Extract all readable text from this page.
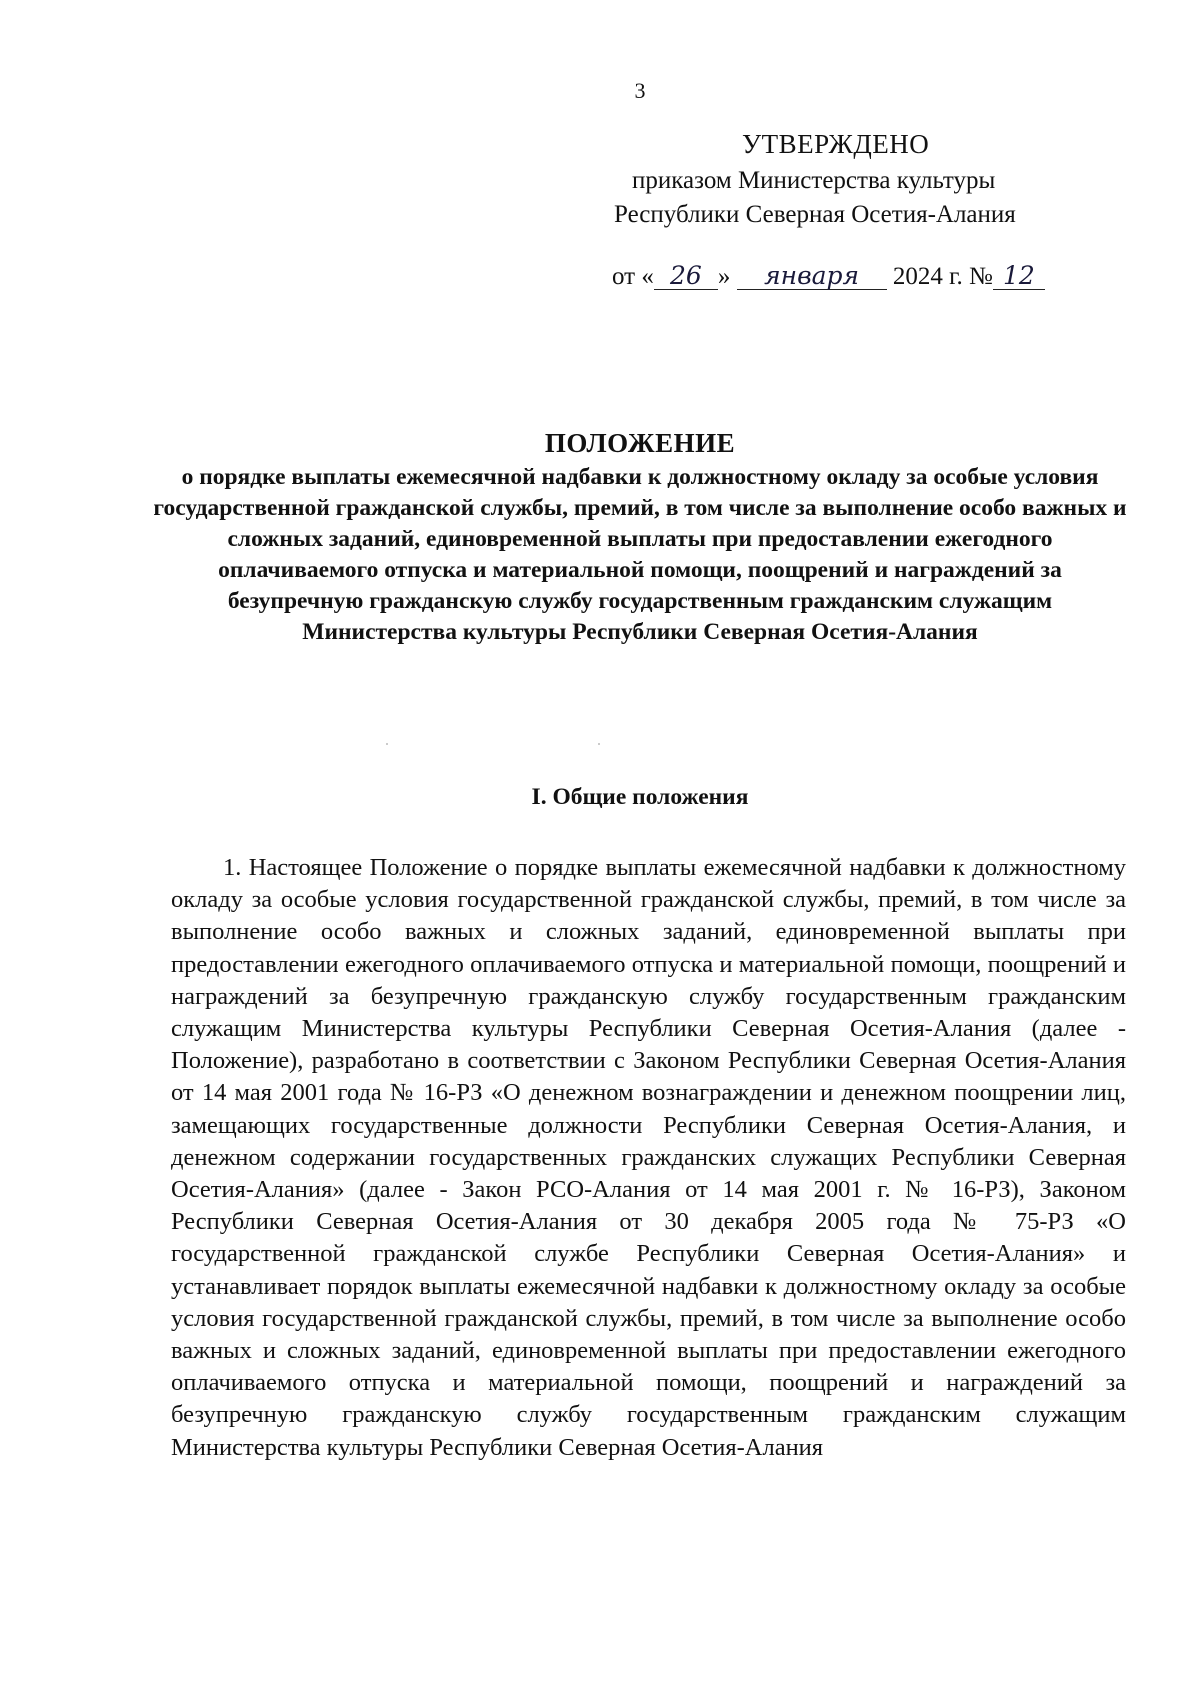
3
УТВЕРЖДЕНО
приказом Министерства культуры
Республики Северная Осетия-Алания
от « 26 » января 2024 г. № 12
ПОЛОЖЕНИЕ
о порядке выплаты ежемесячной надбавки к должностному окладу за особые условия государственной гражданской службы, премий, в том числе за выполнение особо важных и сложных заданий, единовременной выплаты при предоставлении ежегодного оплачиваемого отпуска и материальной помощи, поощрений и награждений за безупречную гражданскую службу государственным гражданским служащим Министерства культуры Республики Северная Осетия-Алания
I. Общие положения

1. Настоящее Положение о порядке выплаты ежемесячной надбавки к должностному окладу за особые условия государственной гражданской службы, премий, в том числе за выполнение особо важных и сложных заданий, единовременной выплаты при предоставлении ежегодного оплачиваемого отпуска и материальной помощи, поощрений и награждений за безупречную гражданскую службу государственным гражданским служащим Министерства культуры Республики Северная Осетия-Алания (далее - Положение), разработано в соответствии с Законом Республики Северная Осетия-Алания от 14 мая 2001 года № 16-РЗ «О денежном вознаграждении и денежном поощрении лиц, замещающих государственные должности Республики Северная Осетия-Алания, и денежном содержании государственных гражданских служащих Республики Северная Осетия-Алания» (далее - Закон РСО-Алания от 14 мая 2001 г. № 16-РЗ), Законом Республики Северная Осетия-Алания от 30 декабря 2005 года № 75-РЗ «О государственной гражданской службе Республики Северная Осетия-Алания» и устанавливает порядок выплаты ежемесячной надбавки к должностному окладу за особые условия государственной гражданской службы, премий, в том числе за выполнение особо важных и сложных заданий, единовременной выплаты при предоставлении ежегодного оплачиваемого отпуска и материальной помощи, поощрений и награждений за безупречную гражданскую службу государственным гражданским служащим Министерства культуры Республики Северная Осетия-Алания
